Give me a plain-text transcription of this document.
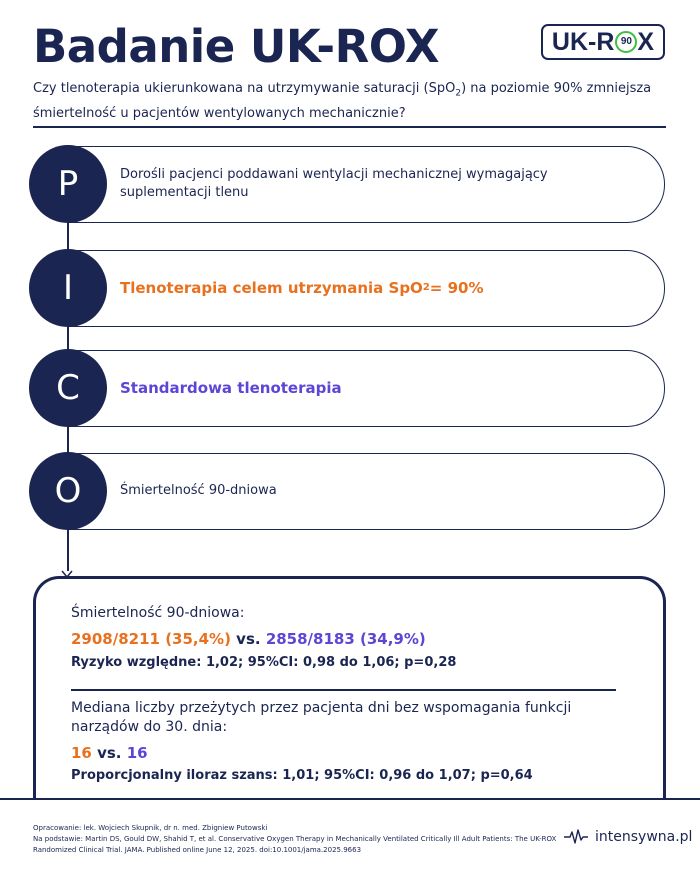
Badanie UK-ROX	UK-R 90 X

Czy tlenoterapia ukierunkowana na utrzymywanie saturacji (SpO$_2$) na poziomie 90% zmniejsza śmiertelność u pacjentów wentylowanych mechanicznie?

P	Dorośli pacjenci poddawani wentylacji mechanicznej wymagający suplementacji tlenu
I	Tlenoterapia celem utrzymania SpO 2 = 90%
C	Standardowa tlenoterapia
O	Śmiertelność 90-dniowa
Śmiertelność 90-dniowa:
2908/8211 (35,4%) vs. 2858/8183 (34,9%)
Ryzyko względne: 1,02; 95%CI: 0,98 do 1,06; p=0,28
Mediana liczby przeżytych przez pacjenta dni bez wspomagania funkcji narządów do 30. dnia:
16 vs. 16
Proporcjonalny iloraz szans: 1,01; 95%CI: 0,96 do 1,07; p=0,64
Opracowanie: lek. Wojciech Skupnik, dr n. med. Zbigniew Putowski
Na podstawie: Martin DS, Gould DW, Shahid T, et al. Conservative Oxygen Therapy in Mechanically Ventilated Critically Ill Adult Patients: The UK-ROX
Randomized Clinical Trial. JAMA. Published online June 12, 2025. doi:10.1001/jama.2025.9663
intensywna.pl
